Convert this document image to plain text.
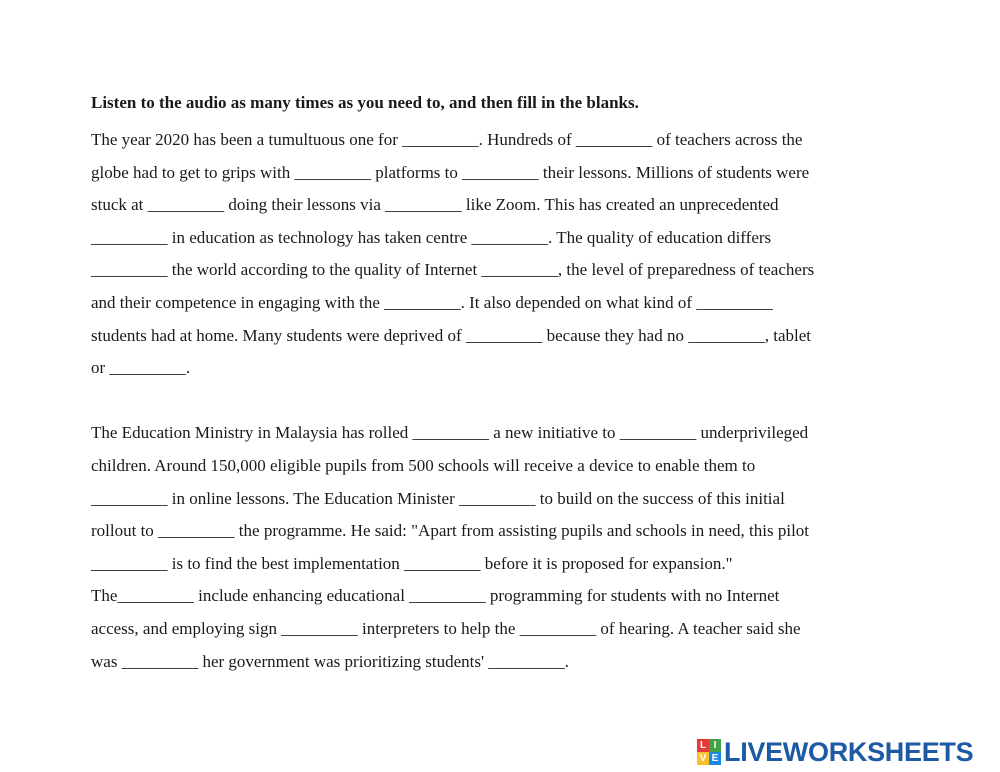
Listen to the audio as many times as you need to, and then fill in the blanks.
The year 2020 has been a tumultuous one for _________. Hundreds of _________ of teachers across the
globe had to get to grips with _________ platforms to _________ their lessons. Millions of students were
stuck at _________ doing their lessons via _________ like Zoom. This has created an unprecedented
_________ in education as technology has taken centre _________. The quality of education differs
_________ the world according to the quality of Internet _________, the level of preparedness of teachers
and their competence in engaging with the _________. It also depended on what kind of _________
students had at home. Many students were deprived of _________ because they had no _________, tablet
or _________.
The Education Ministry in Malaysia has rolled _________ a new initiative to _________ underprivileged
children. Around 150,000 eligible pupils from 500 schools will receive a device to enable them to
_________ in online lessons. The Education Minister _________ to build on the success of this initial
rollout to _________ the programme. He said: "Apart from assisting pupils and schools in need, this pilot
_________ is to find the best implementation _________ before it is proposed for expansion."
The_________ include enhancing educational _________ programming for students with no Internet
access, and employing sign _________ interpreters to help the _________ of hearing. A teacher said she
was _________ her government was prioritizing students' _________.
L I
V E LIVEWORKSHEETS
